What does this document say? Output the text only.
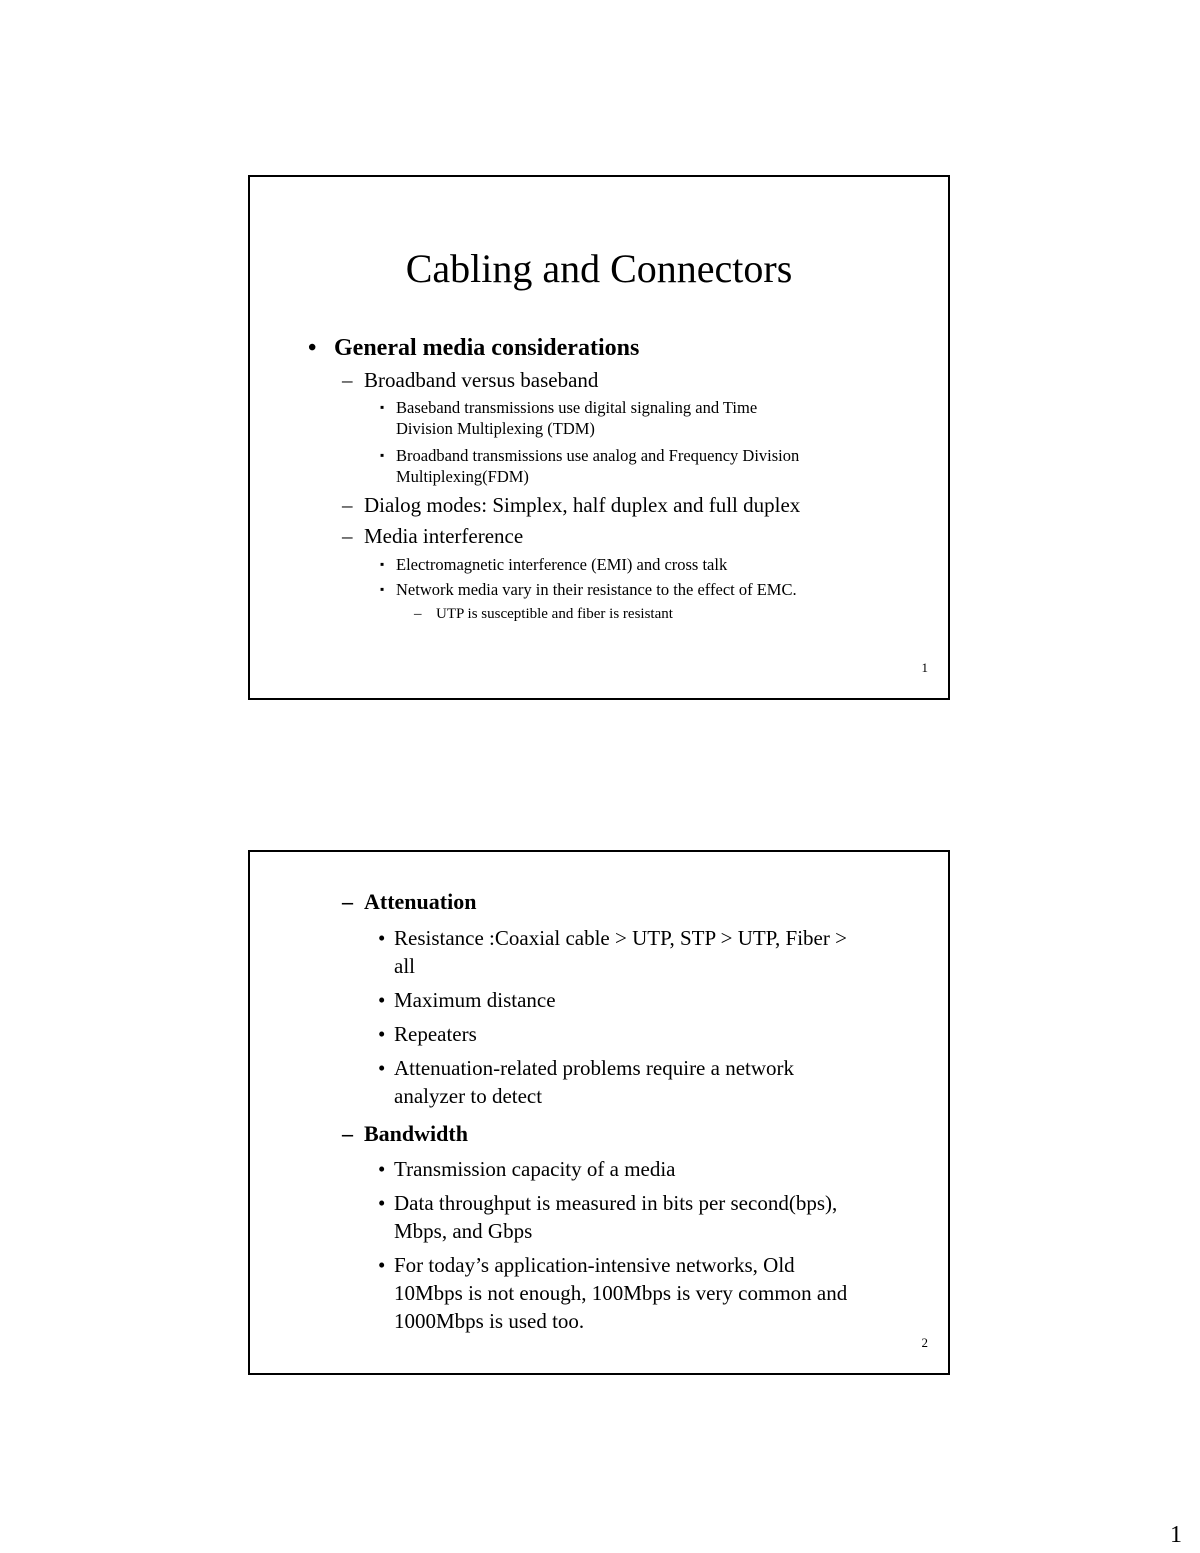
Cabling and Connectors
• General media considerations
– Broadband versus baseband
▪ Baseband transmissions use digital signaling and Time
Division Multiplexing (TDM)
▪ Broadband transmissions use analog and Frequency Division
Multiplexing(FDM)
– Dialog modes: Simplex, half duplex and full duplex
– Media interference
▪ Electromagnetic interference (EMI) and cross talk
▪ Network media vary in their resistance to the effect of EMC.
– UTP is susceptible and fiber is resistant
1
– Attenuation
• Resistance :Coaxial cable > UTP, STP > UTP, Fiber >
all
• Maximum distance
• Repeaters
• Attenuation-related problems require a network
analyzer to detect
– Bandwidth
• Transmission capacity of a media
• Data throughput is measured in bits per second(bps),
Mbps, and Gbps
• For today’s application-intensive networks, Old
10Mbps is not enough, 100Mbps is very common and
1000Mbps is used too.
2
1
